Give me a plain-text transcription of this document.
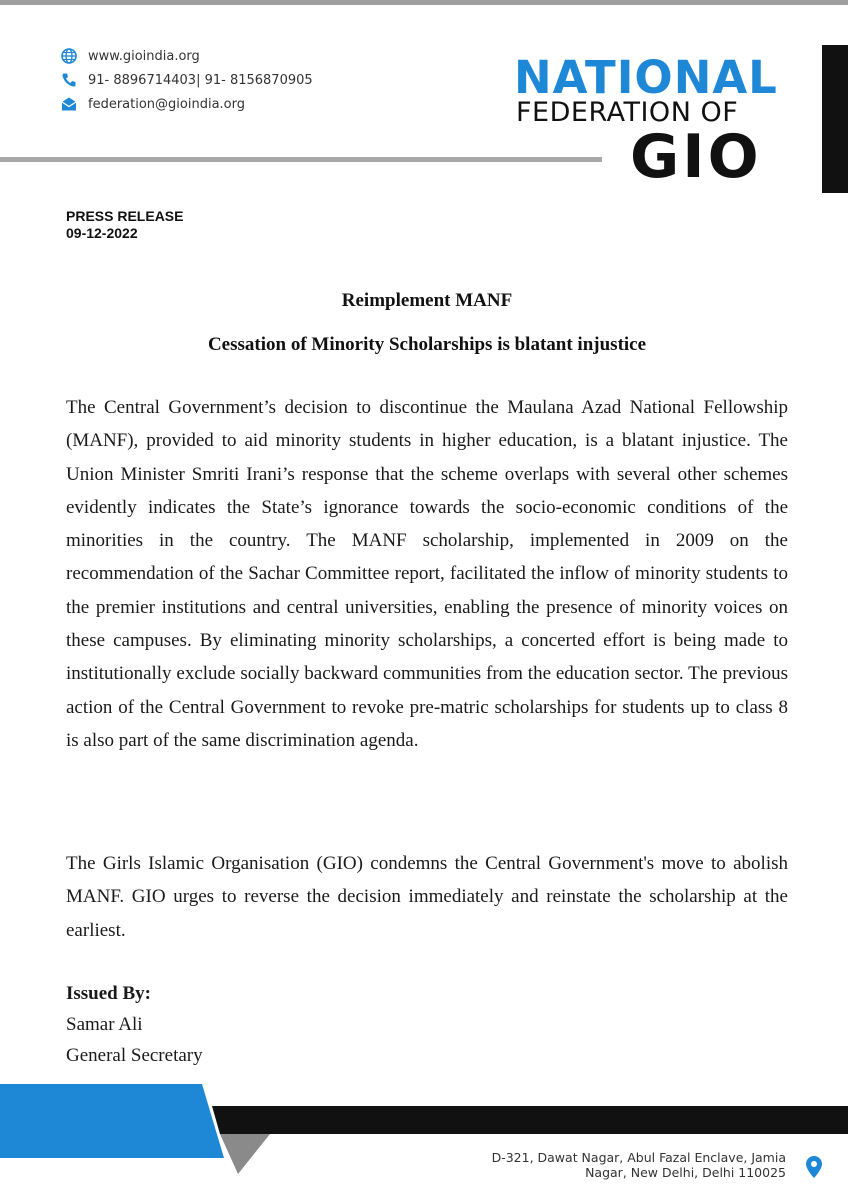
www.gioindia.org
91- 8896714403| 91- 8156870905
federation@gioindia.org	NATIONAL
FEDERATION OF
GIO
PRESS RELEASE
09-12-2022
Reimplement MANF
Cessation of Minority Scholarships is blatant injustice

The Central Government’s decision to discontinue the Maulana Azad National Fellowship (MANF), provided to aid minority students in higher education, is a blatant injustice. The Union Minister Smriti Irani’s response that the scheme overlaps with several other schemes evidently indicates the State’s ignorance towards the socio-economic conditions of the minorities in the country. The MANF scholarship, implemented in 2009 on the recommendation of the Sachar Committee report, facilitated the inflow of minority students to the premier institutions and central universities, enabling the presence of minority voices on these campuses. By eliminating minority scholarships, a concerted effort is being made to institutionally exclude socially backward communities from the education sector. The previous action of the Central Government to revoke pre-matric scholarships for students up to class 8 is also part of the same discrimination agenda.

The Girls Islamic Organisation (GIO) condemns the Central Government's move to abolish MANF. GIO urges to reverse the decision immediately and reinstate the scholarship at the earliest.

Issued By:
Samar Ali
General Secretary
D-321, Dawat Nagar, Abul Fazal Enclave, Jamia
Nagar, New Delhi, Delhi 110025
